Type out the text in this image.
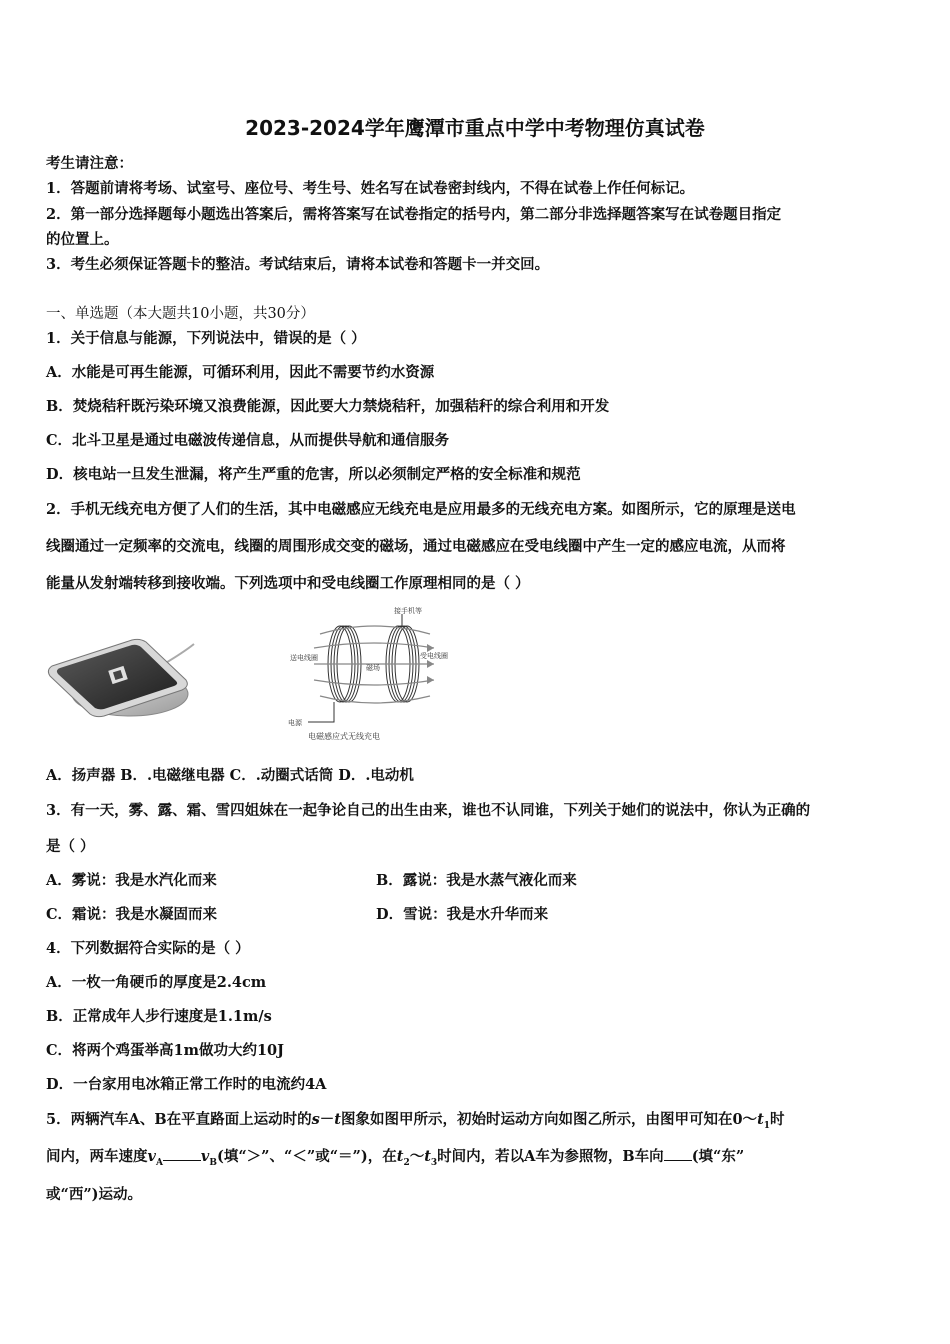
2023-2024学年鹰潭市重点中学中考物理仿真试卷
考生请注意：
1．答题前请将考场、试室号、座位号、考生号、姓名写在试卷密封线内，不得在试卷上作任何标记。
2．第一部分选择题每小题选出答案后，需将答案写在试卷指定的括号内，第二部分非选择题答案写在试卷题目指定
的位置上。
3．考生必须保证答题卡的整洁。考试结束后，请将本试卷和答题卡一并交回。
一、单选题（本大题共10小题，共30分）
1．关于信息与能源，下列说法中，错误的是（ ）
A．水能是可再生能源，可循环利用，因此不需要节约水资源
B．焚烧秸秆既污染环境又浪费能源，因此要大力禁烧秸秆，加强秸秆的综合利用和开发
C．北斗卫星是通过电磁波传递信息，从而提供导航和通信服务
D．核电站一旦发生泄漏，将产生严重的危害，所以必须制定严格的安全标准和规范
2．手机无线充电方便了人们的生活，其中电磁感应无线充电是应用最多的无线充电方案。如图所示，它的原理是送电
线圈通过一定频率的交流电，线圈的周围形成交变的磁场，通过电磁感应在受电线圈中产生一定的感应电流，从而将
能量从发射端转移到接收端。下列选项中和受电线圈工作原理相同的是（ ）
接手机等
送电线圈	受电线圈
磁场
电源
电磁感应式无线充电
A．扬声器 B．.电磁继电器 C．.动圈式话筒 D．.电动机
3．有一天，雾、露、霜、雪四姐妹在一起争论自己的出生由来，谁也不认同谁，下列关于她们的说法中，你认为正确的
是（ ）
A．雾说：我是水汽化而来	B．露说：我是水蒸气液化而来
C．霜说：我是水凝固而来	D．雪说：我是水升华而来
4．下列数据符合实际的是（ ）
A．一枚一角硬币的厚度是2.4cm
B．正常成年人步行速度是1.1m/s
C．将两个鸡蛋举高1m做功大约10J
D．一台家用电冰箱正常工作时的电流约4A
5．两辆汽车A、B在平直路面上运动时的s－t图象如图甲所示，初始时运动方向如图乙所示，由图甲可知在$0\sim t_1$时
间内，两车速度$v_A$	$v_B$(填“＞”、“＜”或“＝”)，在$t_2\sim t_3$时间内，若以A车为参照物，B车向 (填“东”
或“西”)运动。
